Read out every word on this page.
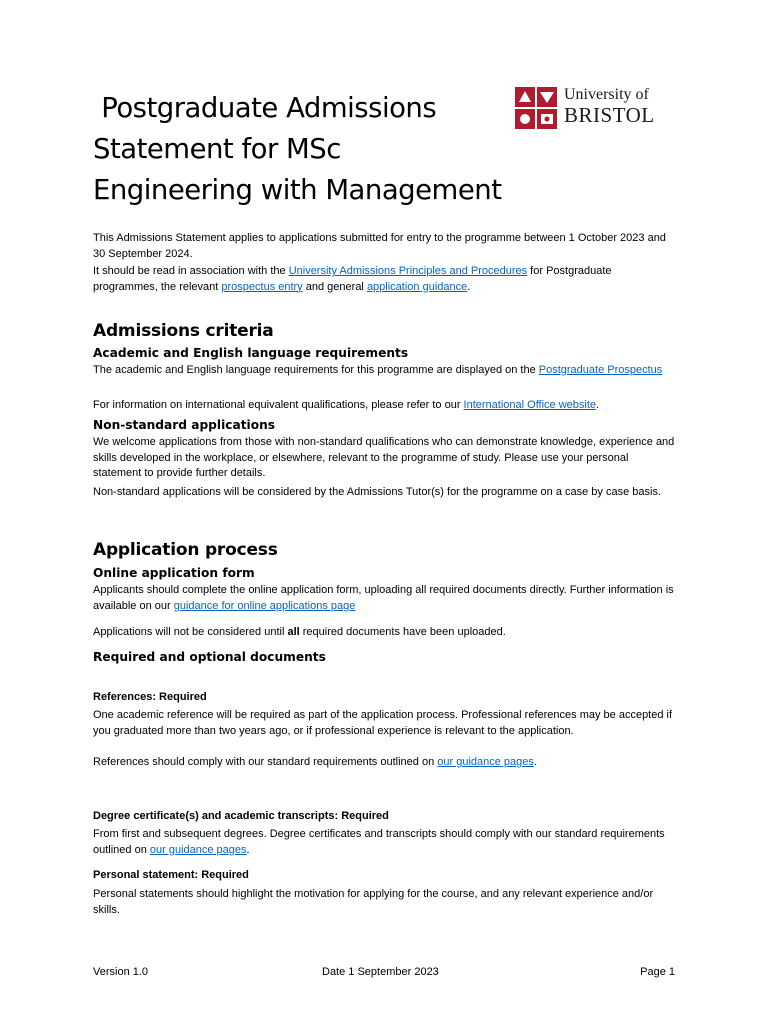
University of
BRISTOL
Postgraduate Admissions
Statement for MSc
Engineering with Management

This Admissions Statement applies to applications submitted for entry to the programme between 1 October 2023 and 30 September 2024.

It should be read in association with the University Admissions Principles and Procedures for Postgraduate programmes, the relevant prospectus entry and general application guidance.

Admissions criteria
Academic and English language requirements

The academic and English language requirements for this programme are displayed on the Postgraduate Prospectus

For information on international equivalent qualifications, please refer to our International Office website.

Non-standard applications

We welcome applications from those with non-standard qualifications who can demonstrate knowledge, experience and skills developed in the workplace, or elsewhere, relevant to the programme of study. Please use your personal statement to provide further details.

Non-standard applications will be considered by the Admissions Tutor(s) for the programme on a case by case basis.

Application process
Online application form

Applicants should complete the online application form, uploading all required documents directly. Further information is available on our guidance for online applications page

Applications will not be considered until all required documents have been uploaded.

Required and optional documents
References: Required

One academic reference will be required as part of the application process. Professional references may be accepted if you graduated more than two years ago, or if professional experience is relevant to the application.

References should comply with our standard requirements outlined on our guidance pages.

Degree certificate(s) and academic transcripts: Required

From first and subsequent degrees. Degree certificates and transcripts should comply with our standard requirements outlined on our guidance pages.

Personal statement: Required

Personal statements should highlight the motivation for applying for the course, and any relevant experience and/or skills.

Version 1.0	Date 1 September 2023	Page 1
